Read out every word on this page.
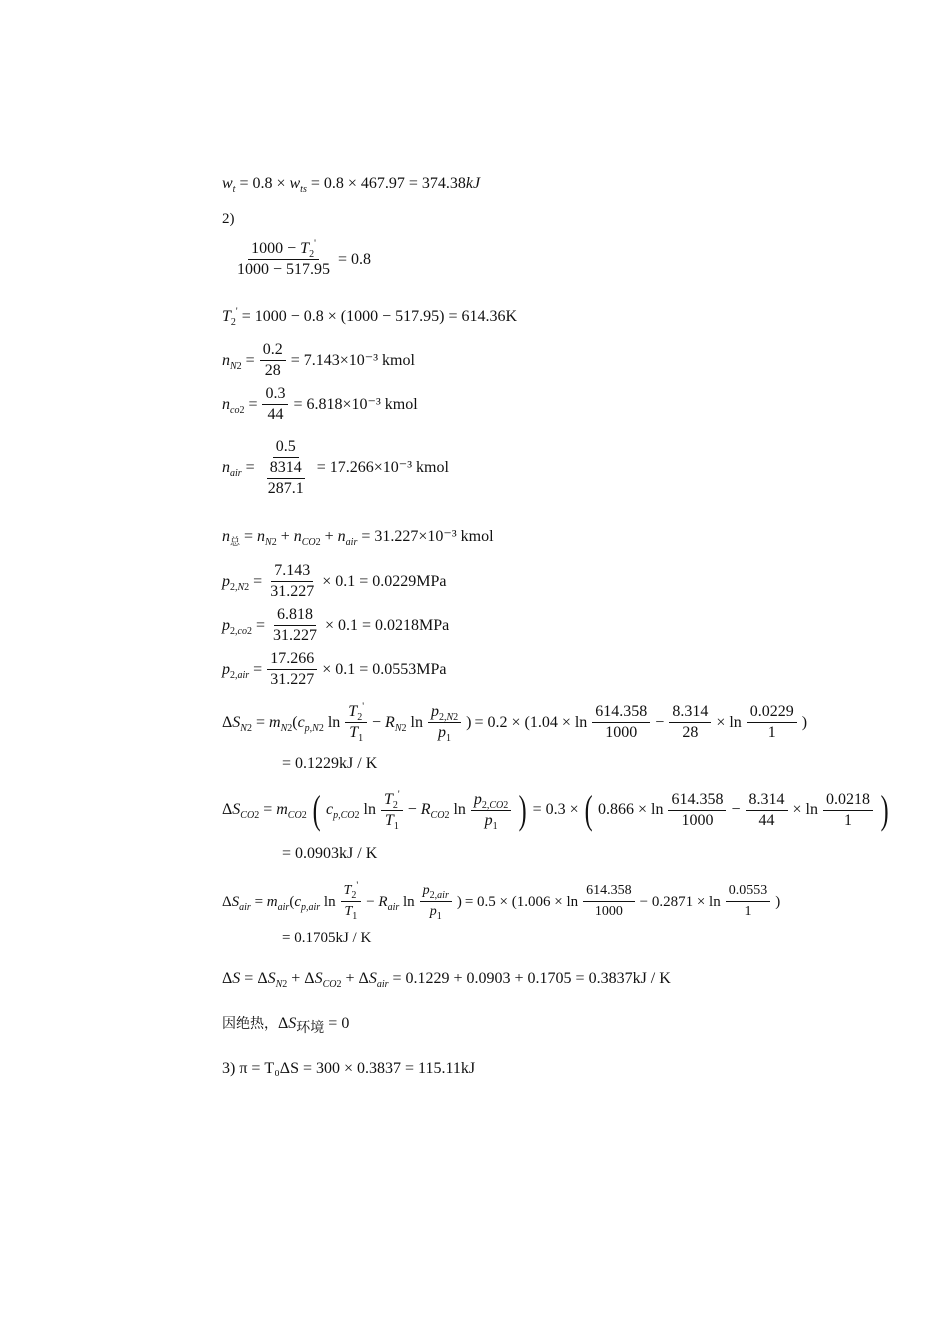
$w_t = 0.8 \times w_{ts} = 0.8 \times 467.97 = 374.38kJ$
2)
$\frac{1000 - T_2'}{1000 - 517.95} = 0.8$
$T_2' = 1000 - 0.8 \times (1000 - 517.95) = 614.36K$
$n_{N2} = \frac{0.2}{28} = 7.143\times 10^{-3}$ kmol
$n_{co2} = \frac{0.3}{44} = 6.818\times 10^{-3}$ kmol
$n_{air} = \frac{0.5}{\frac{8314}{287.1}} = 17.266\times 10^{-3}$ kmol
$n_总 = n_{N2} + n_{CO2} + n_{air} = 31.227\times 10^{-3}$ kmol
$p_{2,N2} = \frac{7.143}{31.227} \times 0.1 = 0.0229MPa$
$p_{2,co2} = \frac{6.818}{31.227} \times 0.1 = 0.0218MPa$
$p_{2,air} = \frac{17.266}{31.227} \times 0.1 = 0.0553MPa$
$\Delta S_{N2} = m_{N2}(c_{p,N2}$ $\ln \frac{T_2'}{T_1} - R_{N2}$ $\ln \frac{p_{2,N2}}{p_1}$ ) = $0.2 \times (1.04 \times \ln \frac{614.358}{1000} - \frac{8.314}{28} \times \ln \frac{0.0229}{1}$ )
= 0.1229kJ / K
$\Delta S_{CO2} = m_{CO2}$ ( $c_{p,CO2}$ $\ln \frac{T_2'}{T_1} - R_{CO2}$ $\ln \frac{p_{2,CO2}}{p_1}$ ) = 0.3 × ( $0.866 \times \ln \frac{614.358}{1000} - \frac{8.314}{44} \times \ln \frac{0.0218}{1}$ )
= 0.0903kJ / K
$\Delta S_{air} = m_{air}(c_{p,air}$ $\ln \frac{T_2'}{T_1} - R_{air}$ $\ln \frac{p_{2,air}}{p_1}$ ) = $0.5 \times (1.006 \times \ln \frac{614.358}{1000} - 0.2871 \times \ln \frac{0.0553}{1}$ )
= 0.1705kJ / K
$\Delta S = \Delta S_{N2} + \Delta S_{CO2} + \Delta S_{air} = 0.1229 + 0.0903 + 0.1705 = 0.3837kJ / K$
因绝热，$\Delta S_{环境} = 0$
3) π = T₀ΔS = 300 × 0.3837 = 115.11kJ
